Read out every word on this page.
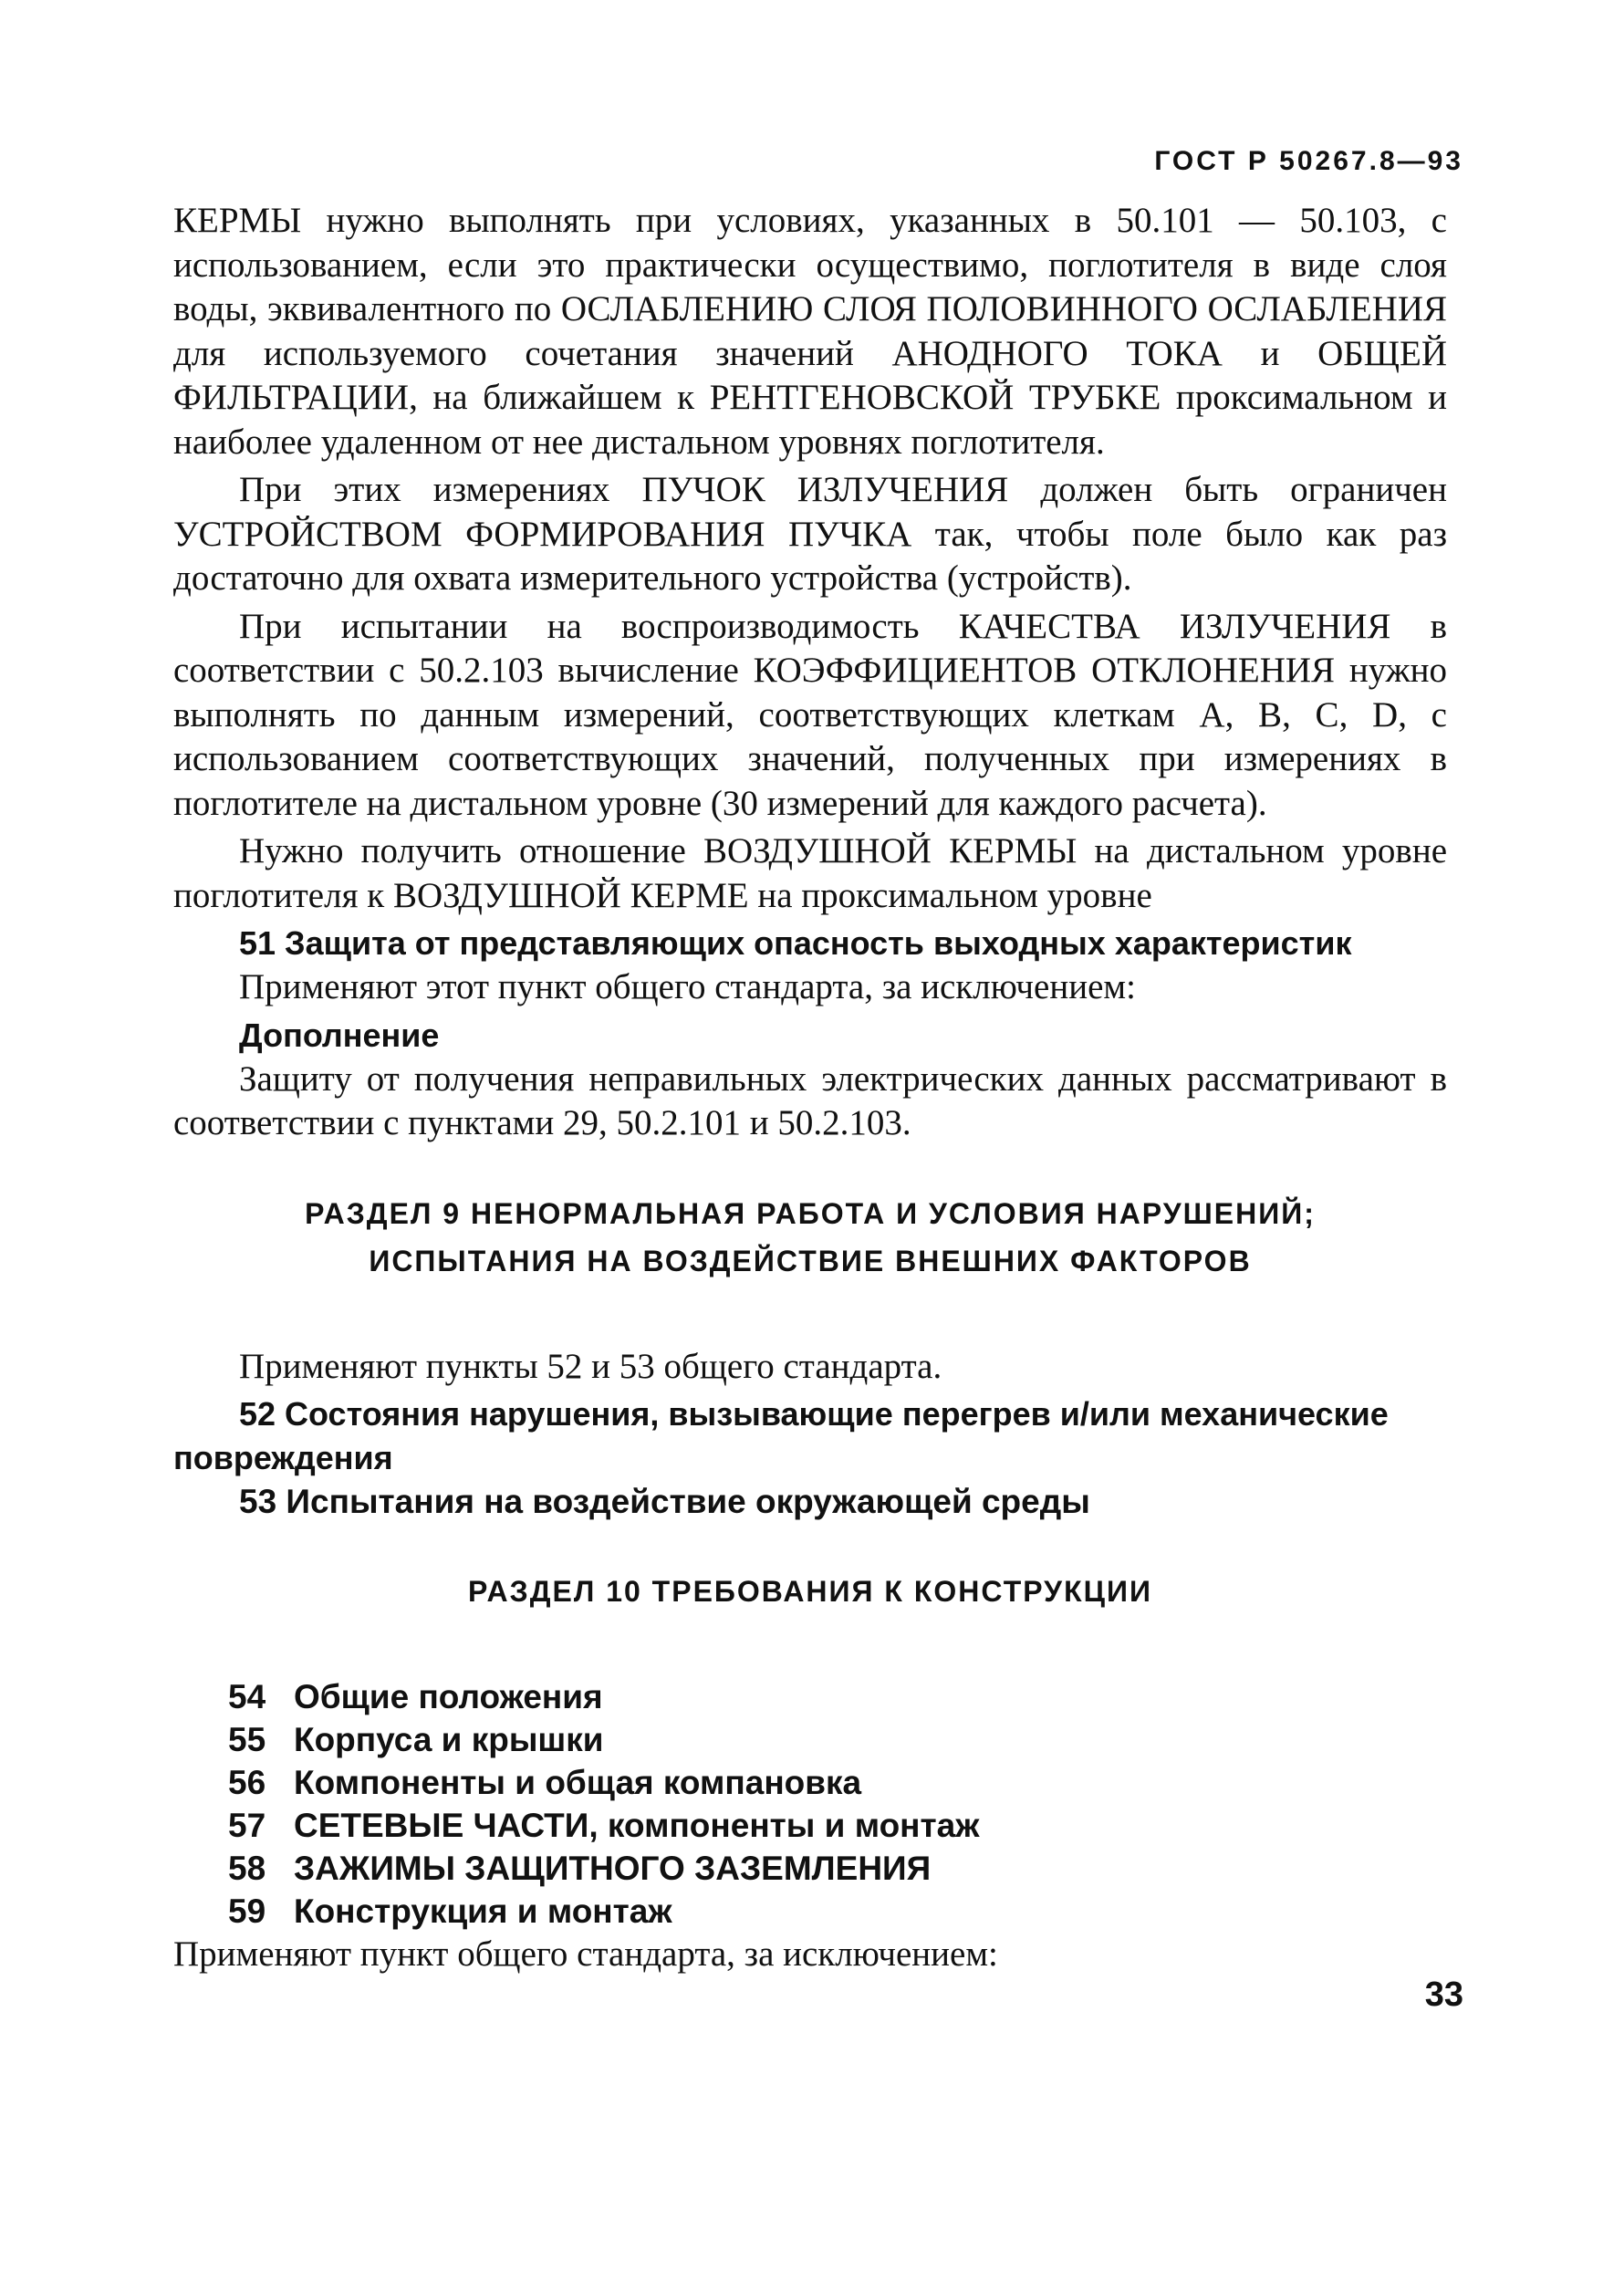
ГОСТ Р 50267.8—93

КЕРМЫ нужно выполнять при условиях, указанных в 50.101 — 50.103, с использованием, если это практически осуществимо, поглотителя в виде слоя воды, эквивалентного по ОСЛАБЛЕНИЮ СЛОЯ ПОЛОВИННОГО ОСЛАБЛЕНИЯ для используемого сочетания значений АНОДНОГО ТОКА и ОБЩЕЙ ФИЛЬТРАЦИИ, на ближайшем к РЕНТГЕНОВСКОЙ ТРУБКЕ проксимальном и наиболее удаленном от нее дистальном уровнях поглотителя.

При этих измерениях ПУЧОК ИЗЛУЧЕНИЯ должен быть ограничен УСТРОЙСТВОМ ФОРМИРОВАНИЯ ПУЧКА так, чтобы поле было как раз достаточно для охвата измерительного устройства (устройств).

При испытании на воспроизводимость КАЧЕСТВА ИЗЛУЧЕНИЯ в соответствии с 50.2.103 вычисление КОЭФФИЦИЕНТОВ ОТКЛОНЕНИЯ нужно выполнять по данным измерений, соответствующих клеткам A, B, C, D, с использованием соответствующих значений, полученных при измерениях в поглотителе на дистальном уровне (30 измерений для каждого расчета).

Нужно получить отношение ВОЗДУШНОЙ КЕРМЫ на дистальном уровне поглотителя к ВОЗДУШНОЙ КЕРМЕ на проксимальном уровне

51 Защита от представляющих опасность выходных характеристик

Применяют этот пункт общего стандарта, за исключением:

Дополнение

Защиту от получения неправильных электрических данных рассматривают в соответствии с пунктами 29, 50.2.101 и 50.2.103.

РАЗДЕЛ 9 НЕНОРМАЛЬНАЯ РАБОТА И УСЛОВИЯ НАРУШЕНИЙ;
ИСПЫТАНИЯ НА ВОЗДЕЙСТВИЕ ВНЕШНИХ ФАКТОРОВ

Применяют пункты 52 и 53 общего стандарта.

52 Состояния нарушения, вызывающие перегрев и/или механические повреждения

53 Испытания на воздействие окружающей среды

РАЗДЕЛ 10 ТРЕБОВАНИЯ К КОНСТРУКЦИИ
54 Общие положения
55 Корпуса и крышки
56 Компоненты и общая компановка
57 СЕТЕВЫЕ ЧАСТИ, компоненты и монтаж
58 ЗАЖИМЫ ЗАЩИТНОГО ЗАЗЕМЛЕНИЯ
59 Конструкция и монтаж

Применяют пункт общего стандарта, за исключением:

33
